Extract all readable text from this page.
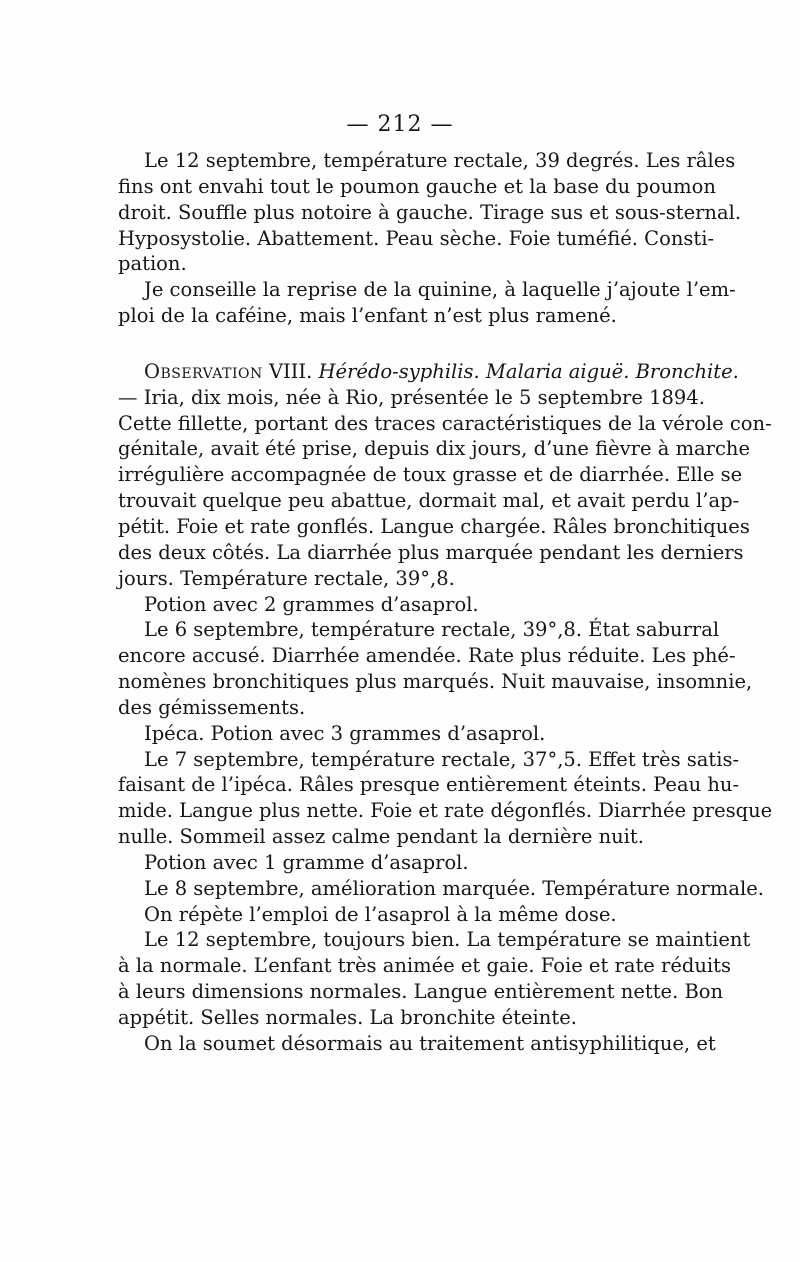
— 212 —
Le 12 septembre, température rectale, 39 degrés. Les râles
fins ont envahi tout le poumon gauche et la base du poumon
droit. Souffle plus notoire à gauche. Tirage sus et sous-sternal.
Hyposystolie. Abattement. Peau sèche. Foie tuméfié. Consti-
pation.
Je conseille la reprise de la quinine, à laquelle j’ajoute l’em-
ploi de la caféine, mais l’enfant n’est plus ramené.
Observation VIII. Hérédo-syphilis. Malaria aiguë. Bronchite.
— Iria, dix mois, née à Rio, présentée le 5 septembre 1894.
Cette fillette, portant des traces caractéristiques de la vérole con-
génitale, avait été prise, depuis dix jours, d’une fièvre à marche
irrégulière accompagnée de toux grasse et de diarrhée. Elle se
trouvait quelque peu abattue, dormait mal, et avait perdu l’ap-
pétit. Foie et rate gonflés. Langue chargée. Râles bronchitiques
des deux côtés. La diarrhée plus marquée pendant les derniers
jours. Température rectale, 39°,8.
Potion avec 2 grammes d’asaprol.
Le 6 septembre, température rectale, 39°,8. État saburral
encore accusé. Diarrhée amendée. Rate plus réduite. Les phé-
nomènes bronchitiques plus marqués. Nuit mauvaise, insomnie,
des gémissements.
Ipéca. Potion avec 3 grammes d’asaprol.
Le 7 septembre, température rectale, 37°,5. Effet très satis-
faisant de l’ipéca. Râles presque entièrement éteints. Peau hu-
mide. Langue plus nette. Foie et rate dégonflés. Diarrhée presque
nulle. Sommeil assez calme pendant la dernière nuit.
Potion avec 1 gramme d’asaprol.
Le 8 septembre, amélioration marquée. Température normale.
On répète l’emploi de l’asaprol à la même dose.
Le 12 septembre, toujours bien. La température se maintient
à la normale. L’enfant très animée et gaie. Foie et rate réduits
à leurs dimensions normales. Langue entièrement nette. Bon
appétit. Selles normales. La bronchite éteinte.
On la soumet désormais au traitement antisyphilitique, et
